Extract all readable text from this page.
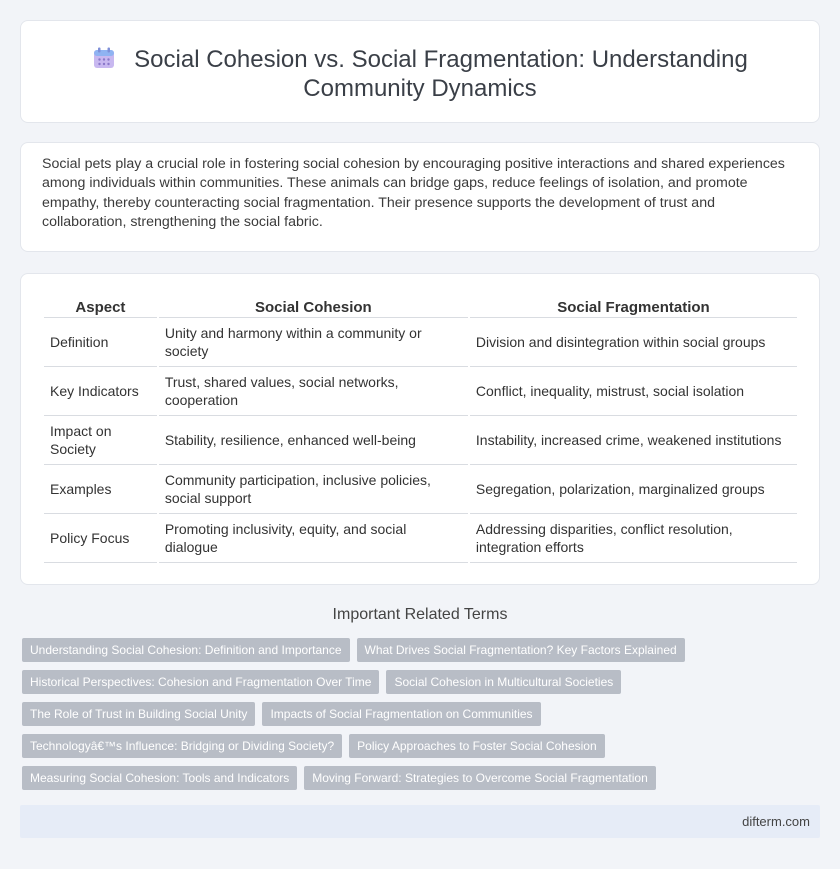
Social Cohesion vs. Social Fragmentation: Understanding
Community Dynamics

Social pets play a crucial role in fostering social cohesion by encouraging positive interactions and shared experiences among individuals within communities. These animals can bridge gaps, reduce feelings of isolation, and promote empathy, thereby counteracting social fragmentation. Their presence supports the development of trust and collaboration, strengthening the social fabric.

Aspect	Social Cohesion	Social Fragmentation
Definition	Unity and harmony within a community or society	Division and disintegration within social groups
Key Indicators	Trust, shared values, social networks, cooperation	Conflict, inequality, mistrust, social isolation
Impact on Society	Stability, resilience, enhanced well-being	Instability, increased crime, weakened institutions
Examples	Community participation, inclusive policies, social support	Segregation, polarization, marginalized groups
Policy Focus	Promoting inclusivity, equity, and social dialogue	Addressing disparities, conflict resolution, integration efforts
Important Related Terms
Understanding Social Cohesion: Definition and Importance	What Drives Social Fragmentation? Key Factors Explained
Historical Perspectives: Cohesion and Fragmentation Over Time	Social Cohesion in Multicultural Societies
The Role of Trust in Building Social Unity	Impacts of Social Fragmentation on Communities
Technologyâ€™s Influence: Bridging or Dividing Society?	Policy Approaches to Foster Social Cohesion
Measuring Social Cohesion: Tools and Indicators	Moving Forward: Strategies to Overcome Social Fragmentation
difterm.com
